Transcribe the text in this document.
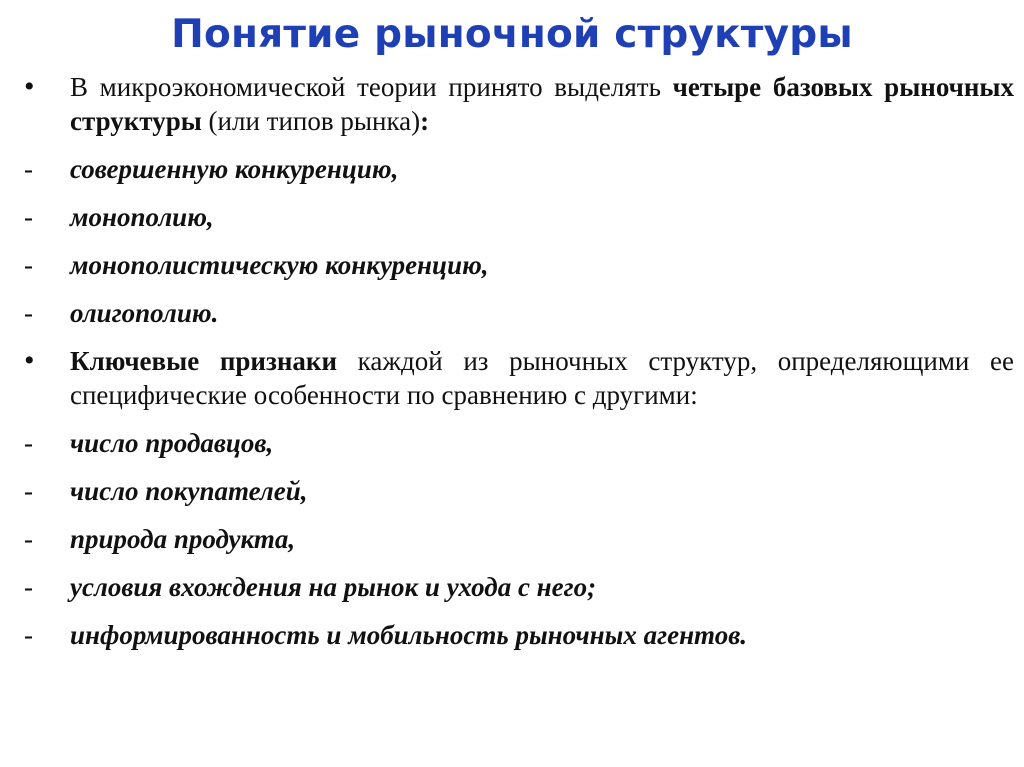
Понятие рыночной структуры
•	В микроэкономической теории принято выделять четыре базовых рыночных структуры (или типов рынка):
-	совершенную конкуренцию,
-	монополию,
-	монополистическую конкуренцию,
-	олигополию.
•	Ключевые признаки каждой из рыночных структур, определяющими ее специфические особенности по сравнению с другими:
-	число продавцов,
-	число покупателей,
-	природа продукта,
-	условия вхождения на рынок и ухода с него;
-	информированность и мобильность рыночных агентов.
